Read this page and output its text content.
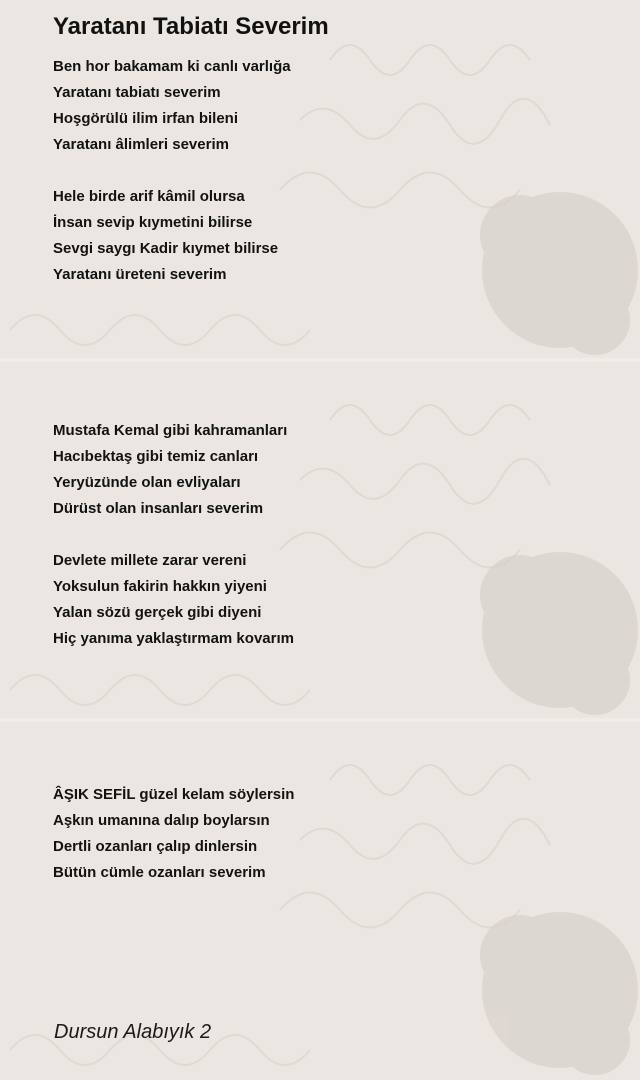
Yaratanı Tabiatı Severim
Ben hor bakamam ki canlı varlığa
Yaratanı tabiatı severim
Hoşgörülü ilim irfan bileni
Yaratanı âlimleri severim
Hele birde arif kâmil olursa
İnsan sevip kıymetini bilirse
Sevgi saygı Kadir kıymet bilirse
Yaratanı üreteni severim
Mustafa Kemal gibi kahramanları
Hacıbektaş gibi temiz canları
Yeryüzünde olan evliyaları
Dürüst olan insanları severim
Devlete millete zarar vereni
Yoksulun fakirin hakkın yiyeni
Yalan sözü gerçek gibi diyeni
Hiç yanıma yaklaştırmam kovarım
ÂŞIK SEFİL güzel kelam söylersin
Aşkın umanına dalıp boylarsın
Dertli ozanları çalıp dinlersin
Bütün cümle ozanları severim
Dursun Alabıyık 2
